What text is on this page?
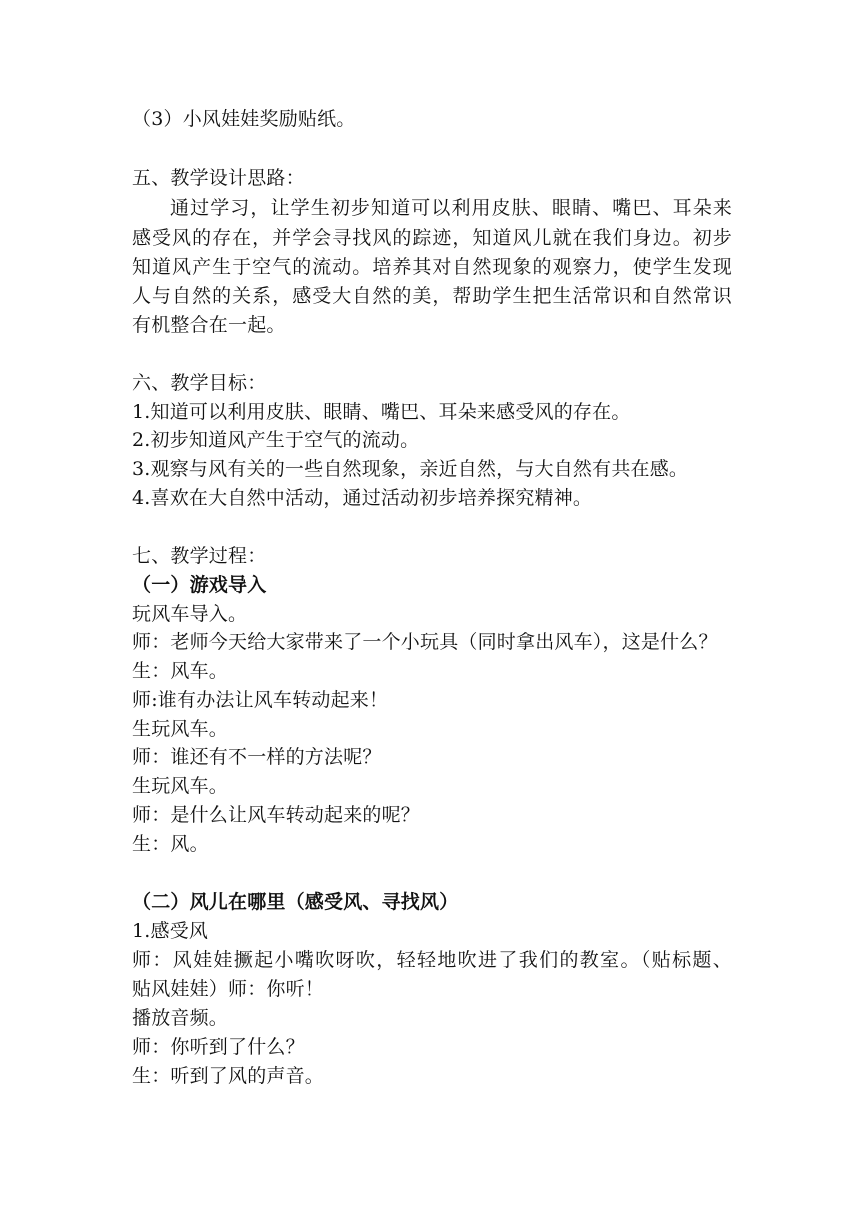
（3）小风娃娃奖励贴纸。
五、教学设计思路：
通过学习，让学生初步知道可以利用皮肤、眼睛、嘴巴、耳朵来
感受风的存在，并学会寻找风的踪迹，知道风儿就在我们身边。初步
知道风产生于空气的流动。培养其对自然现象的观察力，使学生发现
人与自然的关系，感受大自然的美，帮助学生把生活常识和自然常识
有机整合在一起。
六、教学目标：
1.知道可以利用皮肤、眼睛、嘴巴、耳朵来感受风的存在。
2.初步知道风产生于空气的流动。
3.观察与风有关的一些自然现象，亲近自然，与大自然有共在感。
4.喜欢在大自然中活动，通过活动初步培养探究精神。
七、教学过程：
（一）游戏导入
玩风车导入。
师：老师今天给大家带来了一个小玩具（同时拿出风车），这是什么？
生：风车。
师:谁有办法让风车转动起来！
生玩风车。
师：谁还有不一样的方法呢？
生玩风车。
师：是什么让风车转动起来的呢？
生：风。
（二）风儿在哪里（感受风、寻找风）
1.感受风
师：风娃娃撅起小嘴吹呀吹，轻轻地吹进了我们的教室。（贴标题、
贴风娃娃）师：你听！
播放音频。
师：你听到了什么？
生：听到了风的声音。
